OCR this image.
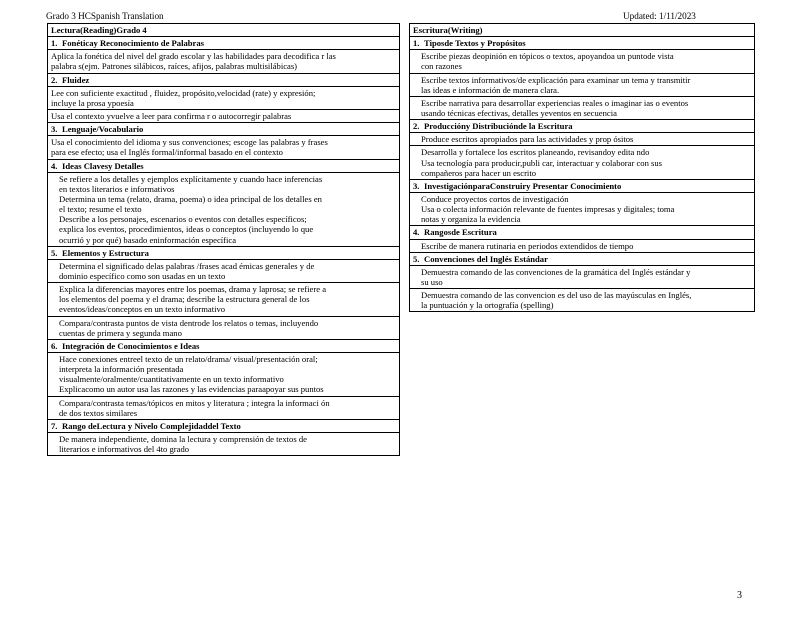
Grado 3 HCSpanish Translation	Updated: 1/11/2023
Lectura(Reading)Grado 4
1. Fonéticay Reconocimiento de Palabras

Aplica la fonética del nivel del grado escolar y las habilidades para decodifica r las
palabra s(ejm. Patrones silábicos, raíces, afijos, palabras multisilábicas)

2. Fluidez

Lee con suficiente exactitud , fluidez, propósito,velocidad (rate) y expresión;
incluye la prosa ypoesía

Usa el contexto yvuelve a leer para confirma r o autocorregir palabras

3. Lenguaje/Vocabulario

Usa el conocimiento del idioma y sus convenciones; escoge las palabras y frases
para ese efecto; usa el Inglés formal/informal basado en el contexto

4. Ideas Clavesy Detalles

Se refiere a los detalles y ejemplos explícitamente y cuando hace inferencias
en textos literarios e informativos
Determina un tema (relato, drama, poema) o idea principal de los detalles en
el texto; resume el texto
Describe a los personajes, escenarios o eventos con detalles específicos;
explica los eventos, procedimientos, ideas o conceptos (incluyendo lo que
ocurrió y por qué) basado eninformación específica

5. Elementos y Estructura

Determina el significado delas palabras /frases acad émicas generales y de
dominio específico como son usadas en un texto

Explica la diferencias mayores entre los poemas, drama y laprosa; se refiere a
los elementos del poema y el drama; describe la estructura general de los
eventos/ideas/conceptos en un texto informativo

Compara/contrasta puntos de vista dentrode los relatos o temas, incluyendo
cuentas de primera y segunda mano

6. Integración de Conocimientos e Ideas

Hace conexiones entreel texto de un relato/drama/ visual/presentación oral;
interpreta la información presentada
visualmente/oralmente/cuantitativamente en un texto informativo
Explicacomo un autor usa las razones y las evidencias paraapoyar sus puntos

Compara/contrasta temas/tópicos en mitos y literatura ; integra la informaci ón
de dos textos similares

7. Rango deLectura y Nivelo Complejidaddel Texto

De manera independiente, domina la lectura y comprensión de textos de
literarios e informativos del 4to grado
Escritura(Writing)
1. Tiposde Textos y Propósitos

Escribe piezas deopinión en tópicos o textos, apoyandoa un puntode vista
con razones

Escribe textos informativos/de explicación para examinar un tema y transmitir
las ideas e información de manera clara.

Escribe narrativa para desarrollar experiencias reales o imaginar ias o eventos
usando técnicas efectivas, detalles yeventos en secuencia

2. Produccióny Distribuciónde la Escritura

Produce escritos apropiados para las actividades y prop ósitos

Desarrolla y fortalece los escritos planeando, revisandoy edita ndo
Usa tecnología para producir,publi car, interactuar y colaborar con sus
compañeros para hacer un escrito

3. InvestigaciónparaConstruiry Presentar Conocimiento

Conduce proyectos cortos de investigación
Usa o colecta información relevante de fuentes impresas y digitales; toma
notas y organiza la evidencia

4. Rangosde Escritura

Escribe de manera rutinaria en periodos extendidos de tiempo

5. Convenciones del Inglés Estándar

Demuestra comando de las convenciones de la gramática del Inglés estándar y
su uso

Demuestra comando de las convencion es del uso de las mayúsculas en Inglés,
la puntuación y la ortografía (spelling)
3
